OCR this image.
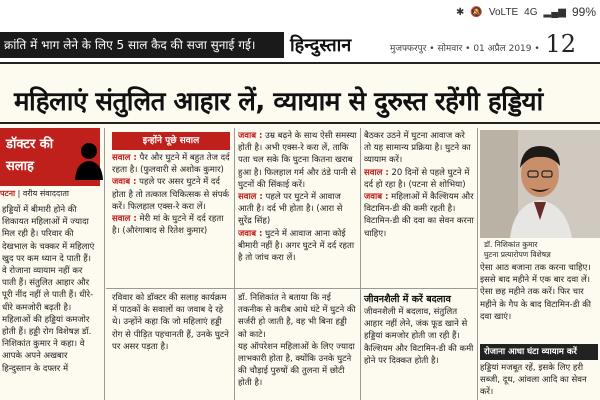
✱ 🔕 VoLTE 4G ▂▄▆ 99%
क्रांति में भाग लेने के लिए 5 साल कैद की सजा सुनाई गई।	हिन्दुस्तान	मुजफ्फरपुर • सोमवार • 01 अप्रैल 2019 • 12
महिलाएं संतुलित आहार लें, व्यायाम से दुरुस्त रहेंगी हड्डियां
डॉक्टर की
सलाह
पटना | वरीय संवाददाता
हड्डियों में बीमारी होने की शिकायत महिलाओं में ज्यादा मिल रही है। परिवार की देखभाल के चक्कर में महिलाएं खुद पर कम ध्यान दे पाती हैं। वे रोजाना व्यायाम नहीं कर पाती हैं। संतुलित आहार और पूरी नींद नहीं ले पाती हैं। धीरे-धीरे कमजोरी बढ़ती है। महिलाओं की हड्डियां कमजोर होती हैं। हड्डी रोग विशेषज्ञ डॉ. निशिकांत कुमार ने कहा। वे आपके अपने अखबार हिन्दुस्तान के दफ्तर में
इन्होंने पूछे सवाल
सवाल : पैर और घुटने में बहुत तेज दर्द रहता है। (फुलवारी से अशोक कुमार)
जवाब : पहले पर असर घुटने में दर्द होता है तो तत्काल चिकित्सक से संपर्क करें। फिलहाल एक्स-रे करा लें।
सवाल : मेरी मां के घुटने में दर्द रहता है। (औरंगाबाद से रितेश कुमार)
जवाब : उम्र बढ़ने के साथ ऐसी समस्या होती है। अभी एक्स-रे करा लें, ताकि पता चल सके कि घुटना कितना खराब हुआ है। फिलहाल गर्म और ठंडे पानी से घुटनों की सिंकाई करें।
सवाल : पहले पर घुटने में आवाज आती है। दर्द भी होता है। (आरा से सुरेंद्र सिंह)
जवाब : घुटने में आवाज आना कोई बीमारी नहीं है। अगर घुटने में दर्द रहता है तो जांच करा लें।
बैठकर उठने में घुटना आवाज करे तो यह सामान्य प्रक्रिया है। घुटने का व्यायाम करें।
सवाल : 20 दिनों से पहले घुटने में दर्द हो रहा है। (पटना से शोभिया)
जवाब : महिलाओं में कैल्शियम और विटामिन-डी की कमी रहती है। विटामिन-डी की दवा का सेवन करना चाहिए।
डॉ. निशिकांत कुमार
घुटना प्रत्यारोपण विशेषज्ञ
रविवार को डॉक्टर की सलाह कार्यक्रम में पाठकों के सवालों का जवाब दे रहे थे। उन्होंने कहा कि जो महिलाएं हड्डी रोग से पीड़ित पहचानती हैं, उनके घुटने पर असर पड़ता है।
डॉ. निशिकांत ने बताया कि नई तकनीक से करीब आधे घंटे में घुटने की सर्जरी हो जाती है, वह भी बिना हड्डी को काटे।
यह ऑपरेशन महिलाओं के लिए ज्यादा लाभकारी होता है, क्योंकि उनके घुटने की चौड़ाई पुरुषों की तुलना में छोटी होती है।
जीवनशैली में करें बदलाव
जीवनशैली में बदलाव, संतुलित आहार नहीं लेने, जंक फूड खाने से हड्डियां कमजोर होती जा रही हैं। कैल्शियम और विटामिन-डी की कमी होने पर दिक्कत होती है।
ऐसा आठ बजाना तक करना चाहिए। इससे बाद महीने में एक बार दवा लें। ऐसा छह महीने तक करें। फिर चार महीने के गैप के बाद विटामिन-डी की दवा खाएं।
रोजाना आधा घंटा व्यायाम करें
हड्डियां मजबूत रहें, इसके लिए हरी सब्जी, दूध, आंवला आदि का सेवन करें।
